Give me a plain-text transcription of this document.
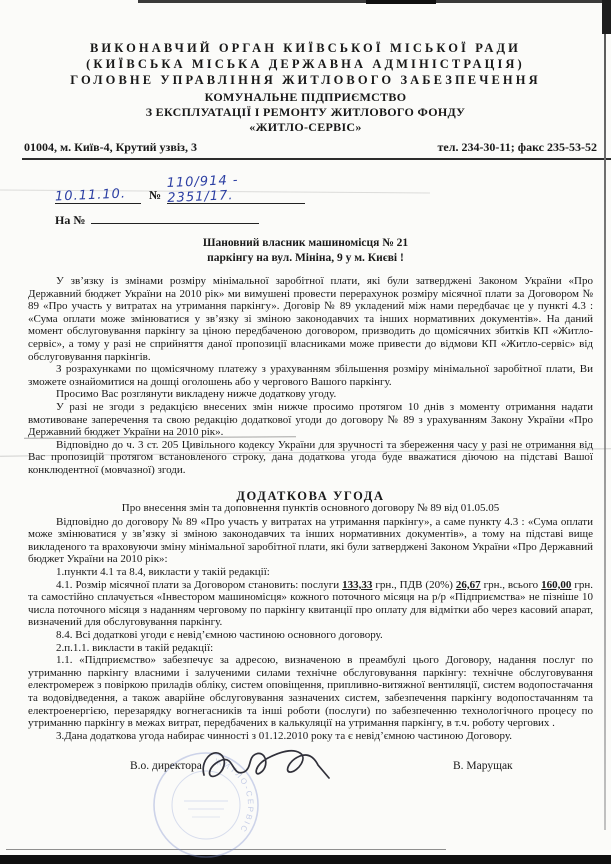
ВИКОНАВЧИЙ ОРГАН КИЇВСЬКОЇ МІСЬКОЇ РАДИ
(КИЇВСЬКА МІСЬКА ДЕРЖАВНА АДМІНІСТРАЦІЯ)
ГОЛОВНЕ УПРАВЛІННЯ ЖИТЛОВОГО ЗАБЕЗПЕЧЕННЯ
КОМУНАЛЬНЕ ПІДПРИЄМСТВО
З ЕКСПЛУАТАЦІЇ І РЕМОНТУ ЖИТЛОВОГО ФОНДУ
«ЖИТЛО-СЕРВІС»
01004, м. Київ-4, Крутий узвіз, 3	тел. 234-30-11; факс 235-53-52
10.11.10. №110/914 - 2351/17.
На №
Шановний власник машиномісця № 21
паркінгу на вул. Мініна, 9 у м. Києві !

У зв’язку із змінами розміру мінімальної заробітної плати, які були затверджені Законом України «Про Державний бюджет України на 2010 рік» ми вимушені провести перерахунок розміру місячної плати за Договором № 89 «Про участь у витратах на утримання паркінгу». Договір № 89 укладений між нами передбачає це у пункті 4.3 : «Сума оплати може змінюватися у зв’язку зі зміною законодавчих та інших нормативних документів». На даний момент обслуговування паркінгу за ціною передбаченою договором, призводить до щомісячних збитків КП «Житло-сервіс», а тому у разі не сприйняття даної пропозиції власниками може привести до відмови КП «Житло-сервіс» від обслуговування паркінгів.

З розрахунками по щомісячному платежу з урахуванням збільшення розміру мінімальної заробітної плати, Ви зможете ознайомитися на дошці оголошень або у чергового Вашого паркінгу.

Просимо Вас розглянути викладену нижче додаткову угоду.

У разі не згоди з редакцією внесених змін нижче просимо протягом 10 днів з моменту отримання надати вмотивоване заперечення та свою редакцію додаткової угоди до договору № 89 з урахуванням Закону України «Про Державний бюджет України на 2010 рік».

Відповідно до ч. 3 ст. 205 Цивільного кодексу України для зручності та збереження часу у разі не отримання від Вас пропозицій протягом встановленого строку, дана додаткова угода буде вважатися діючою на підставі Вашої конклюдентної (мовчазної) згоди.

ДОДАТКОВА УГОДА

Про внесення змін та доповнення пунктів основного договору № 89 від 01.05.05

Відповідно до договору № 89 «Про участь у витратах на утримання паркінгу», а саме пункту 4.3 : «Сума оплати може змінюватися у зв’язку зі зміною законодавчих та інших нормативних документів», а тому на підставі вище викладеного та враховуючи зміну мінімальної заробітної плати, які були затверджені Законом України «Про Державний бюджет України на 2010 рік»:

1.пункти 4.1 та 8.4, викласти у такій редакції:

4.1. Розмір місячної плати за Договором становить: послуги 133,33 грн., ПДВ (20%) 26,67 грн., всього 160,00 грн. та самостійно сплачується «Інвестором машиномісця» кожного поточного місяця на р/р «Підприємства» не пізніше 10 числа поточного місяця з наданням черговому по паркінгу квитанції про оплату для відмітки або через касовий апарат, визначений для обслуговування паркінгу.

8.4. Всі додаткові угоди є невід’ємною частиною основного договору.

2.п.1.1. викласти в такій редакції:

1.1. «Підприємство» забезпечує за адресою, визначеною в преамбулі цього Договору, надання послуг по утриманню паркінгу власними і залученими силами технічне обслуговування паркінгу: технічне обслуговування електромереж з повіркою приладів обліку, систем оповіщення, припливно-витяжної вентиляції, систем водопостачання та водовідведення, а також аварійне обслуговування зазначених систем, забезпечення паркінгу водопостачанням та електроенергією, перезарядку вогнегасників та інші роботи (послуги) по забезпеченню технологічного процесу по утриманню паркінгу в межах витрат, передбачених в калькуляції на утримання паркінгу, в т.ч. роботу чергових .

3.Дана додаткова угода набирає чинності з 01.12.2010 року та є невід’ємною частиною Договору.

ЖИТЛО-СЕРВІС
В.о. директора	В. Марущак
